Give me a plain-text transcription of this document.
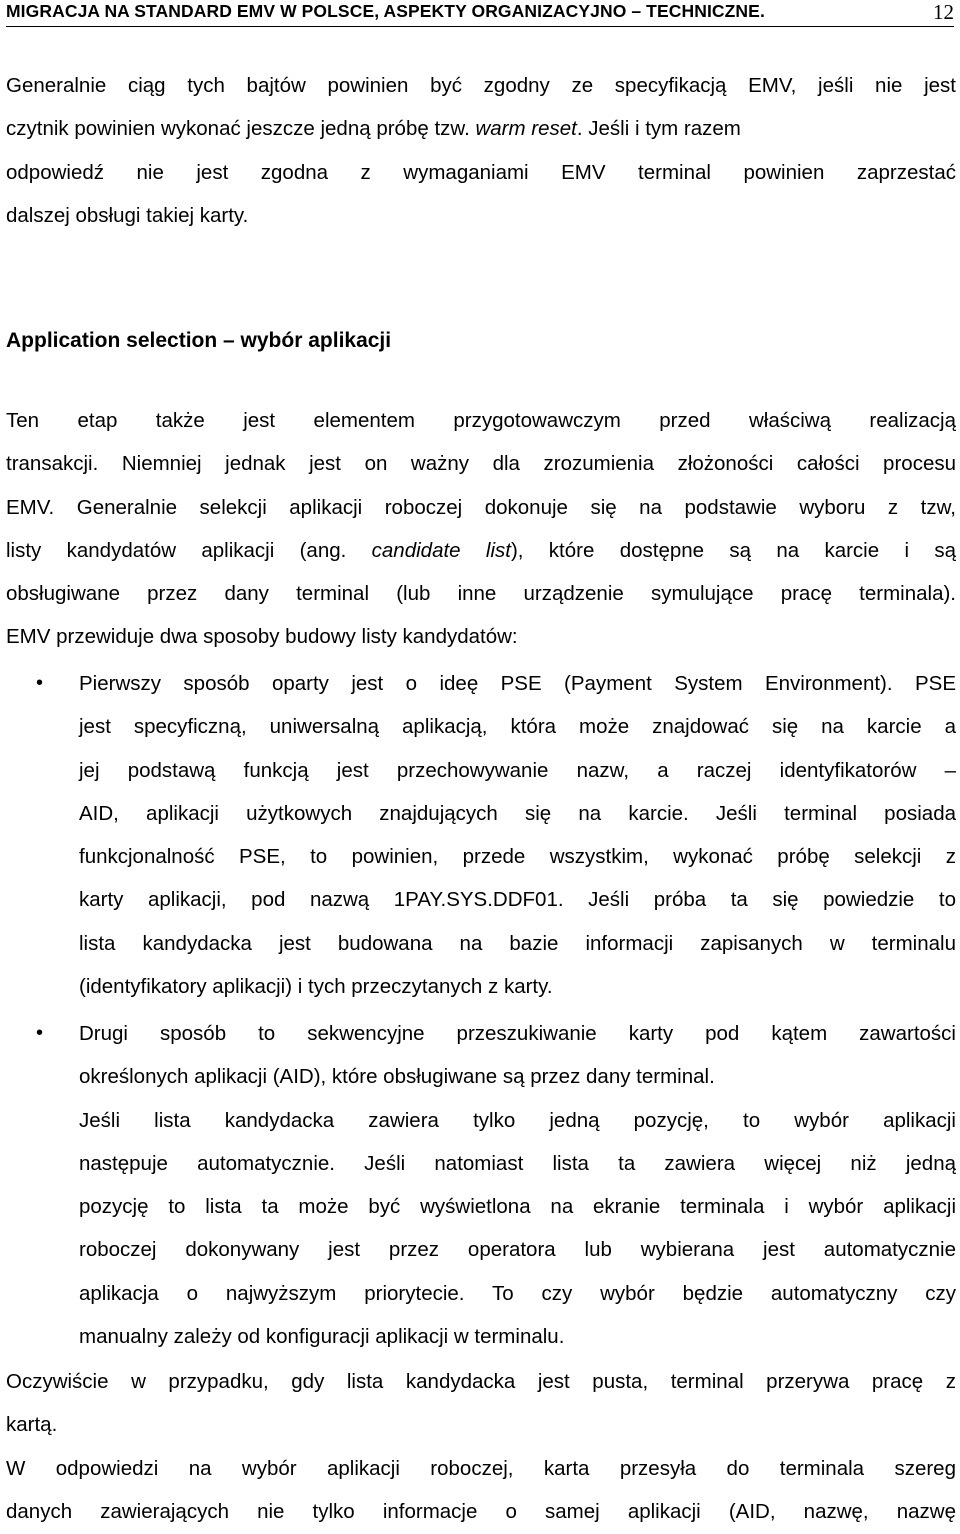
MIGRACJA NA STANDARD EMV W POLSCE, ASPEKTY ORGANIZACYJNO – TECHNICZNE.	12
Generalnie ciąg tych bajtów powinien być zgodny ze specyfikacją EMV, jeśli nie jest
czytnik powinien wykonać jeszcze jedną próbę tzw. warm reset. Jeśli i tym razem
odpowiedź nie jest zgodna z wymaganiami EMV terminal powinien zaprzestać
dalszej obsługi takiej karty.
Application selection – wybór aplikacji
Ten etap także jest elementem przygotowawczym przed właściwą realizacją
transakcji. Niemniej jednak jest on ważny dla zrozumienia złożoności całości procesu
EMV. Generalnie selekcji aplikacji roboczej dokonuje się na podstawie wyboru z tzw,
listy kandydatów aplikacji (ang. candidate list), które dostępne są na karcie i są
obsługiwane przez dany terminal (lub inne urządzenie symulujące pracę terminala).
EMV przewiduje dwa sposoby budowy listy kandydatów:
• Pierwszy sposób oparty jest o ideę PSE (Payment System Environment). PSE
jest specyficzną, uniwersalną aplikacją, która może znajdować się na karcie a
jej podstawą funkcją jest przechowywanie nazw, a raczej identyfikatorów –
AID, aplikacji użytkowych znajdujących się na karcie. Jeśli terminal posiada
funkcjonalność PSE, to powinien, przede wszystkim, wykonać próbę selekcji z
karty aplikacji, pod nazwą 1PAY.SYS.DDF01. Jeśli próba ta się powiedzie to
lista kandydacka jest budowana na bazie informacji zapisanych w terminalu
(identyfikatory aplikacji) i tych przeczytanych z karty.
• Drugi sposób to sekwencyjne przeszukiwanie karty pod kątem zawartości
określonych aplikacji (AID), które obsługiwane są przez dany terminal.
Jeśli lista kandydacka zawiera tylko jedną pozycję, to wybór aplikacji
następuje automatycznie. Jeśli natomiast lista ta zawiera więcej niż jedną
pozycję to lista ta może być wyświetlona na ekranie terminala i wybór aplikacji
roboczej dokonywany jest przez operatora lub wybierana jest automatycznie
aplikacja o najwyższym priorytecie. To czy wybór będzie automatyczny czy
manualny zależy od konfiguracji aplikacji w terminalu.
Oczywiście w przypadku, gdy lista kandydacka jest pusta, terminal przerywa pracę z
kartą.
W odpowiedzi na wybór aplikacji roboczej, karta przesyła do terminala szereg
danych zawierających nie tylko informacje o samej aplikacji (AID, nazwę, nazwę
